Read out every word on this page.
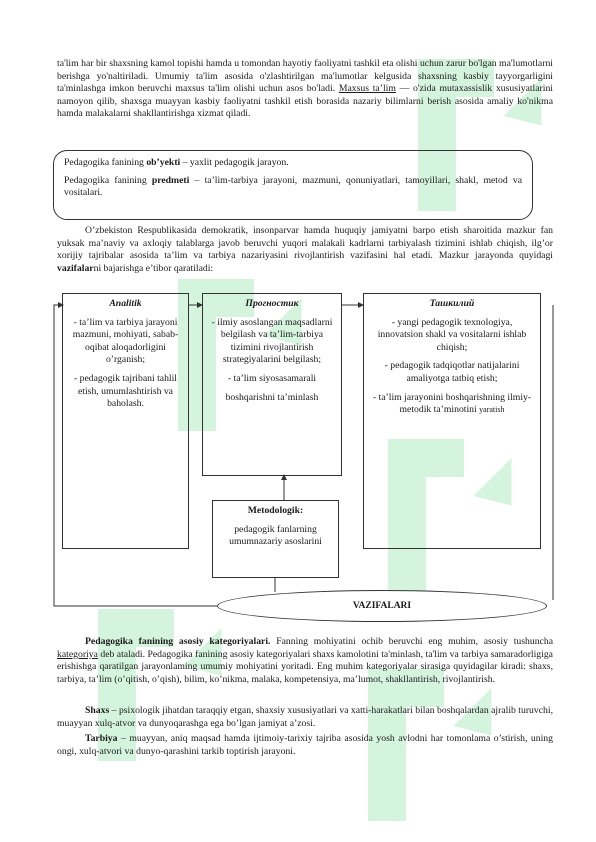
ta'lim har bir shaxsning kamol topishi hamda u tomondan hayotiy faoliyatni tashkil eta olishi uchun zarur bo'lgan ma'lumotlarni berishga yo'naltiriladi. Umumiy ta'lim asosida o'zlashtirilgan ma'lumotlar kelgusida shaxsning kasbiy tayyorgarligini ta'minlashga imkon beruvchi maxsus ta'lim olishi uchun asos bo'ladi. Maxsus ta’lim — o'zida mutaxassislik xususiyatlarini namoyon qilib, shaxsga muayyan kasbiy faoliyatni tashkil etish borasida nazariy bilimlarni berish asosida amaliy ko'nikma hamda malakalarni shakllantirishga xizmat qiladi.

Pedagogika fanining ob’yekti – yaxlit pedagogik jarayon.

Pedagogika fanining predmeti – ta’lim-tarbiya jarayoni, mazmuni, qonuniyatlari, tamoyillari, shakl, metod va vositalari.

O’zbekiston Respublikasida demokratik, insonparvar hamda huquqiy jamiyatni barpo etish sharoitida mazkur fan yuksak ma’naviy va axloqiy talablarga javob beruvchi yuqori malakali kadrlarni tarbiyalash tizimini ishlab chiqish, ilg’or xorijiy tajribalar asosida ta’lim va tarbiya nazariyasini rivojlantirish vazifasini hal etadi. Mazkur jarayonda quyidagi vazifalarni bajarishga e’tibor qaratiladi:

Analitik

- ta’lim va tarbiya jarayoni mazmuni, mohiyati, sabab-oqibat aloqadorligini o’rganish;

- pedagogik tajribani tahlil etish, umumlashtirish va baholash.

Прогностик

- ilmiy asoslangan maqsadlarni belgilash va ta’lim-tarbiya tizimini rivojlantirish strategiyalarini belgilash;

- ta’lim siyosasamarali

boshqarishni ta’minlash

Ташкилий

- yangi pedagogik texnologiya, innovatsion shakl va vositalarni ishlab chiqish;

- pedagogik tadqiqotlar natijalarini amaliyotga tatbiq etish;

- ta’lim jarayonini boshqarishning ilmiy-metodik ta’minotini yaratish

Metodologik:

pedagogik fanlarning umumnazariy asoslarini

VAZIFALARI

Pedagogika fanining asosiy kategoriyalari. Fanning mohiyatini ochib beruvchi eng muhim, asosiy tushuncha kategoriya deb ataladi. Pedagogika fanining asosiy kategoriyalari shaxs kamolotini ta'minlash, ta'lim va tarbiya samaradorligiga erishishga qaratilgan jarayonlaming umumiy mohiyatini yoritadi. Eng muhim kategoriyalar sirasiga quyidagilar kiradi: shaxs, tarbiya, ta’lim (o’qitish, o’qish), bilim, ko’nikma, malaka, kompetensiya, ma’lumot, shakllantirish, rivojlantirish.

Shaxs – psixologik jihatdan taraqqiy etgan, shaxsiy xususiyatlari va xatti-harakatlari bilan boshqalardan ajralib turuvchi, muayyan xulq-atvor va dunyoqarashga ega bo’lgan jamiyat a’zosi.

Tarbiya – muayyan, aniq maqsad hamda ijtimoiy-tarixiy tajriba asosida yosh avlodni har tomonlama o’stirish, uning ongi, xulq-atvori va dunyo-qarashini tarkib toptirish jarayoni.
